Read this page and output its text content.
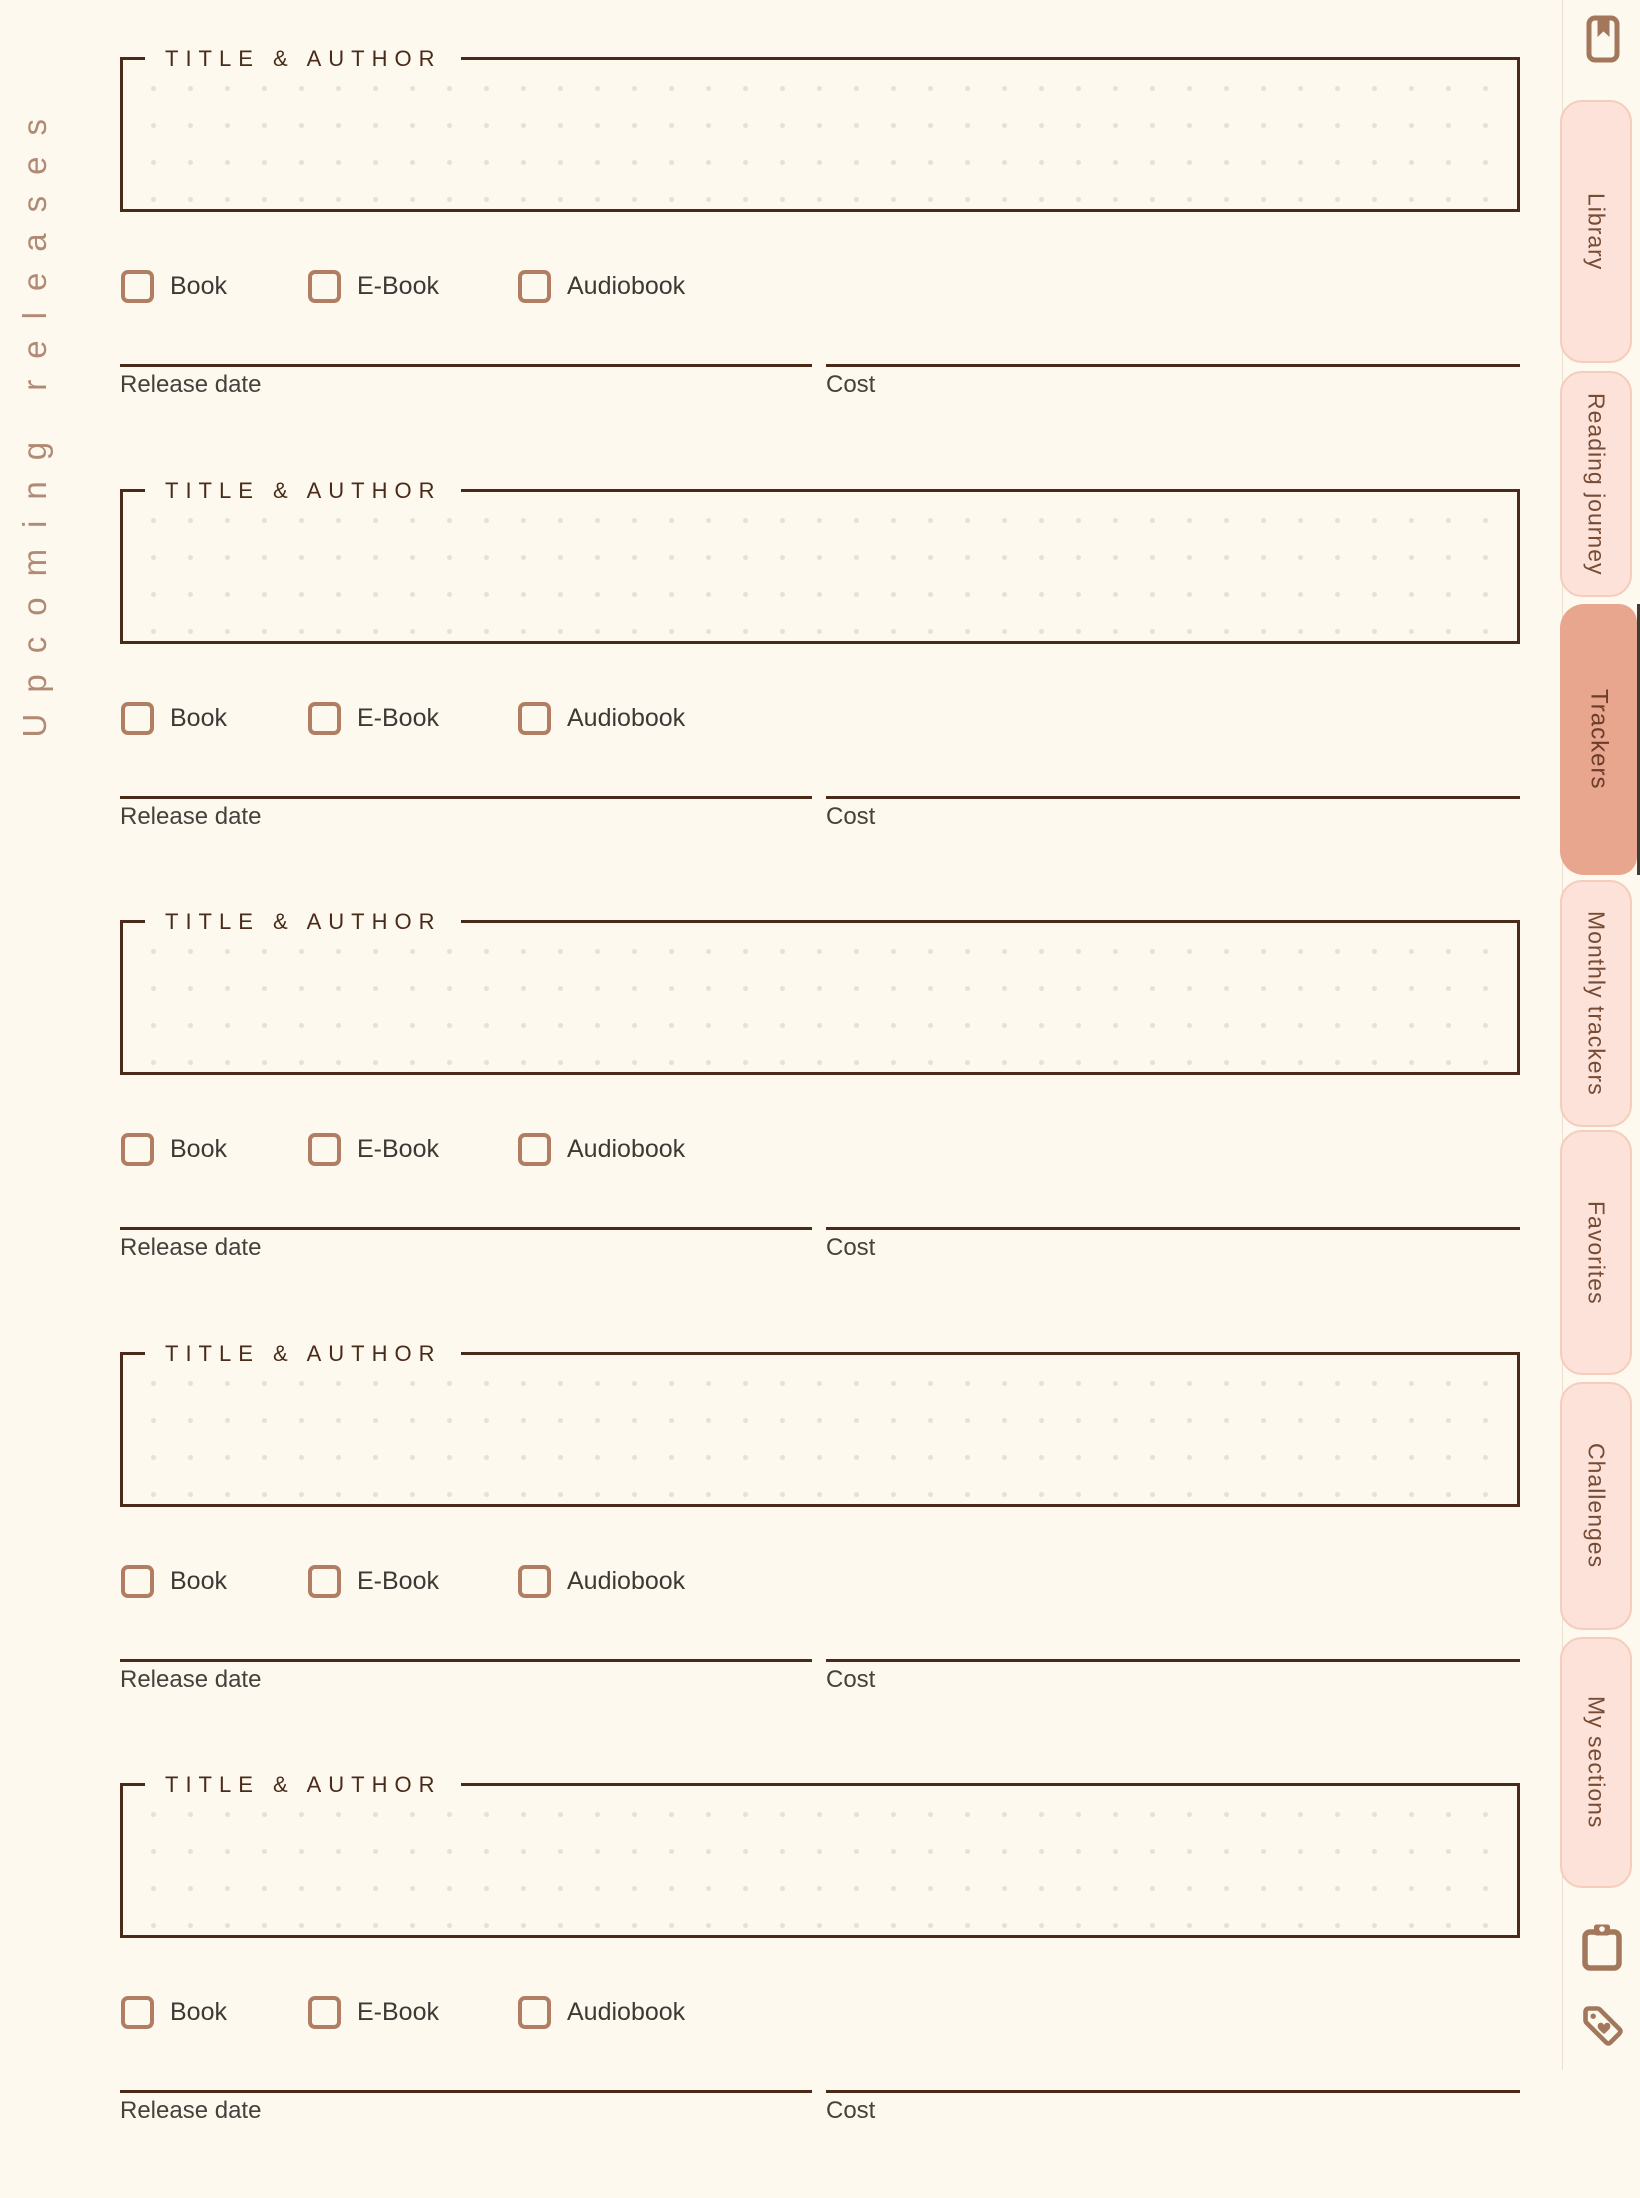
Upcoming releases
TITLE & AUTHOR
Book	E-Book	Audiobook
Release date	Cost
TITLE & AUTHOR
Book	E-Book	Audiobook
Release date	Cost
TITLE & AUTHOR
Book	E-Book	Audiobook
Release date	Cost
TITLE & AUTHOR
Book	E-Book	Audiobook
Release date	Cost
TITLE & AUTHOR
Book	E-Book	Audiobook
Release date	Cost
Library
Reading journey
Trackers
Monthly trackers
Favorites
Challenges
My sections
